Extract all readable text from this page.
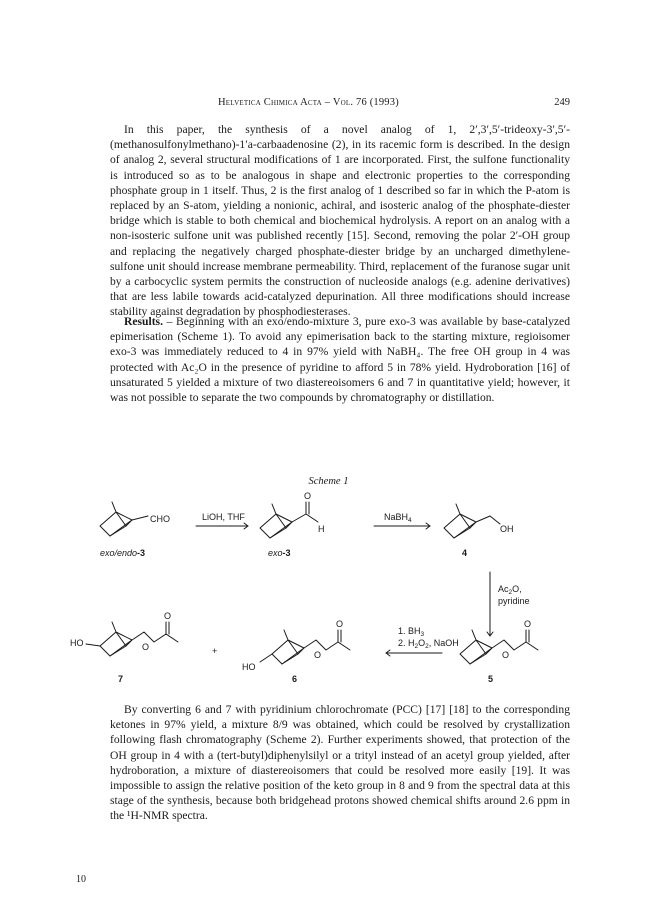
Helvetica Chimica Acta – Vol. 76 (1993)	249

In this paper, the synthesis of a novel analog of 1, 2′,3′,5′-trideoxy-3′,5′-(methanosulfonylmethano)-1′a-carbaadenosine (2), in its racemic form is described. In the design of analog 2, several structural modifications of 1 are incorporated. First, the sulfone functionality is introduced so as to be analogous in shape and electronic properties to the corresponding phosphate group in 1 itself. Thus, 2 is the first analog of 1 described so far in which the P-atom is replaced by an S-atom, yielding a nonionic, achiral, and isosteric analog of the phosphate-diester bridge which is stable to both chemical and biochemical hydrolysis. A report on an analog with a non-isosteric sulfone unit was published recently [15]. Second, removing the polar 2′-OH group and replacing the negatively charged phosphate-diester bridge by an uncharged dimethylene-sulfone unit should increase membrane permeability. Third, replacement of the furanose sugar unit by a carbocyclic system permits the construction of nucleoside analogs (e.g. adenine derivatives) that are less labile towards acid-catalyzed depurination. All three modifications should increase stability against degradation by phosphodiesterases.

Results. – Beginning with an exo/endo-mixture 3, pure exo-3 was available by base-catalyzed epimerisation (Scheme 1). To avoid any epimerisation back to the starting mixture, regioisomer exo-3 was immediately reduced to 4 in 97% yield with NaBH₄. The free OH group in 4 was protected with Ac₂O in the presence of pyridine to afford 5 in 78% yield. Hydroboration [16] of unsaturated 5 yielded a mixture of two diastereoisomers 6 and 7 in quantitative yield; however, it was not possible to separate the two compounds by chromatography or distillation.

Scheme 1
CHO	LiOH, THF
O
H
NaBH$_4$
OH
$Ac_2O$,
pyridine
O
O
1. $BH_3$
2. $H_2O_2$, NaOH
O
O
HO
+
O
O
HO
exo/endo-3	exo-3	4
5
6
7

By converting 6 and 7 with pyridinium chlorochromate (PCC) [17] [18] to the corresponding ketones in 97% yield, a mixture 8/9 was obtained, which could be resolved by crystallization following flash chromatography (Scheme 2). Further experiments showed, that protection of the OH group in 4 with a (tert-butyl)diphenylsilyl or a trityl instead of an acetyl group yielded, after hydroboration, a mixture of diastereoisomers that could be resolved more easily [19]. It was impossible to assign the relative position of the keto group in 8 and 9 from the spectral data at this stage of the synthesis, because both bridgehead protons showed chemical shifts around 2.6 ppm in the ¹H-NMR spectra.

10
